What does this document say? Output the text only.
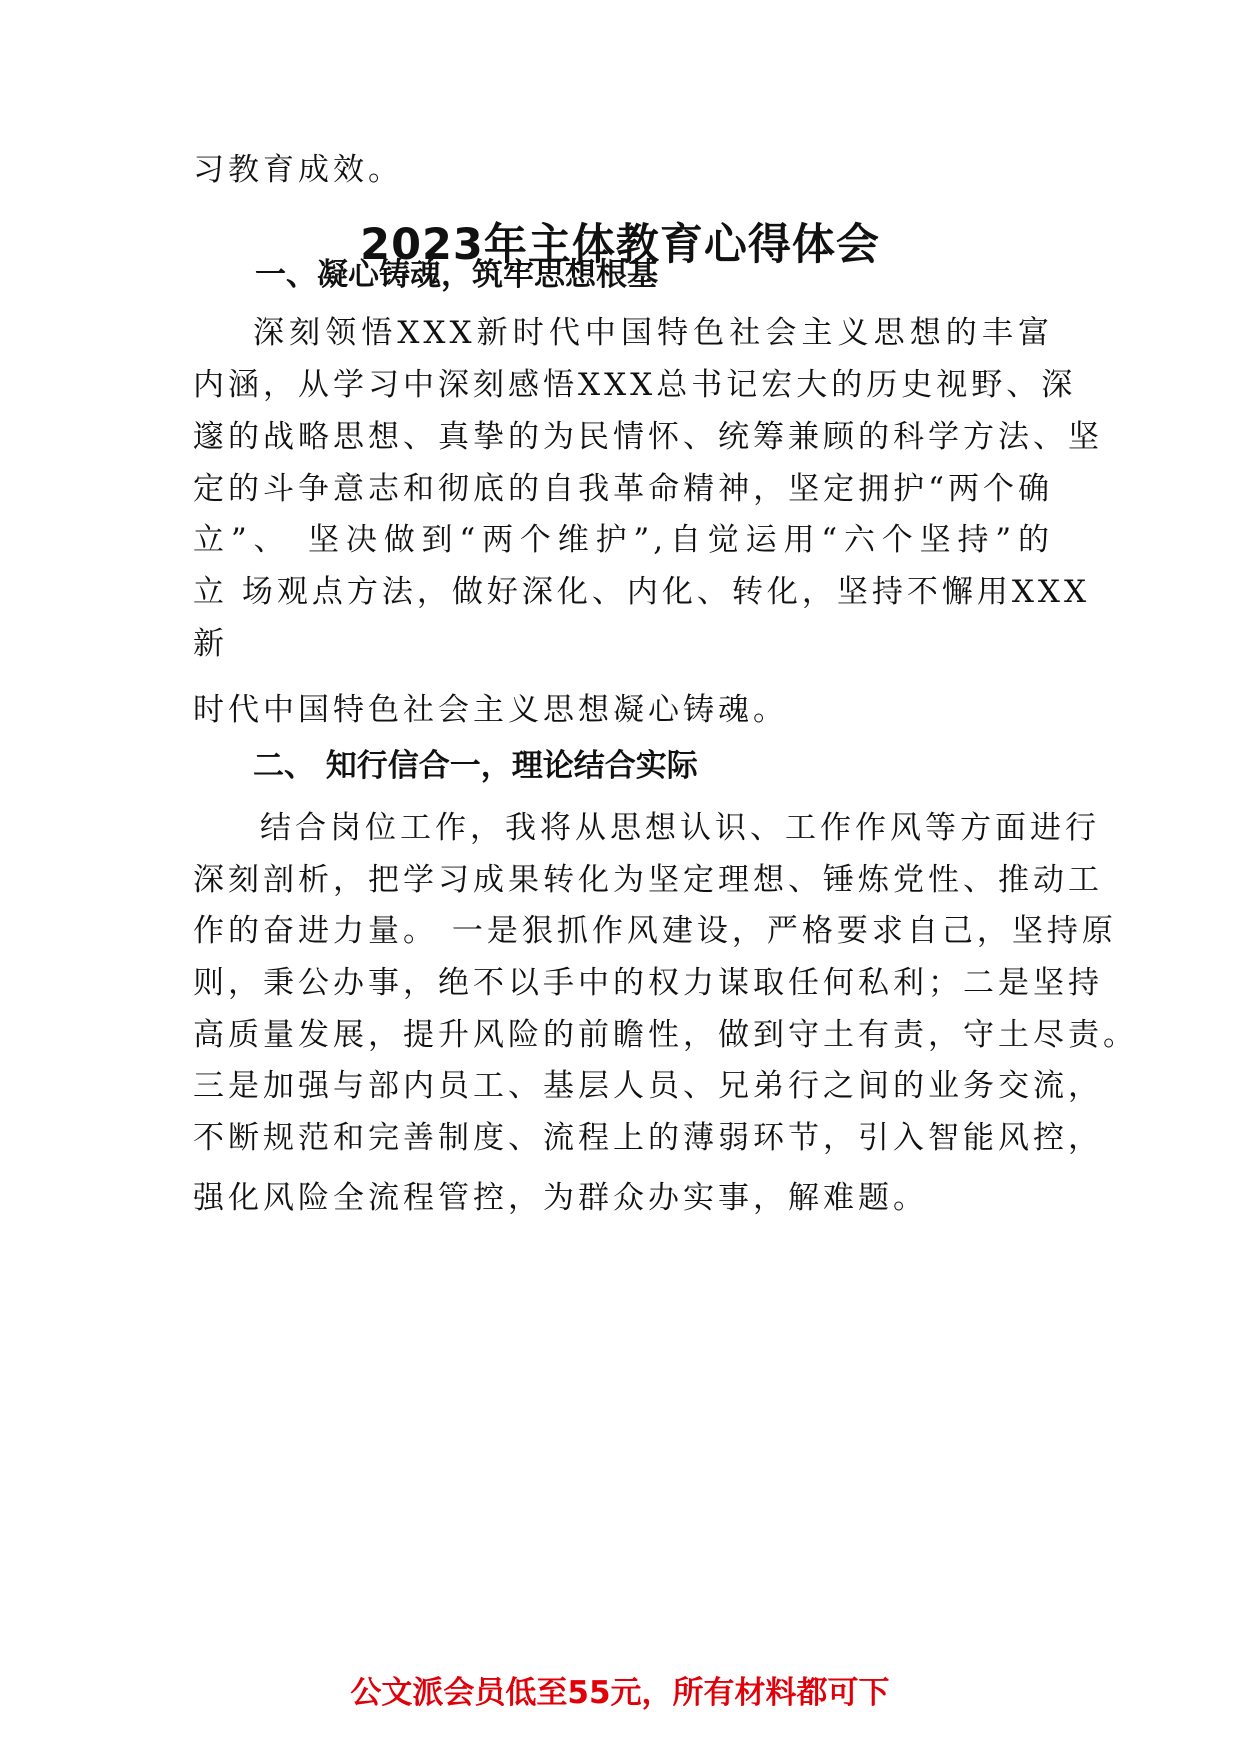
习教育成效。
2023年主体教育心得体会
一、凝心铸魂，筑牢思想根基
深刻领悟XXX新时代中国特色社会主义思想的丰富
内涵，从学习中深刻感悟XXX总书记宏大的历史视野、深
邃的战略思想、真挚的为民情怀、统筹兼顾的科学方法、坚
定的斗争意志和彻底的自我革命精神，坚定拥护“两个确
立”、 坚决做到“两个维护”,自觉运用“六个坚持”的
立 场观点方法，做好深化、内化、转化，坚持不懈用XXX
新
时代中国特色社会主义思想凝心铸魂。
二、 知行信合一，理论结合实际
结合岗位工作，我将从思想认识、工作作风等方面进行
深刻剖析，把学习成果转化为坚定理想、锤炼党性、推动工
作的奋进力量。 一是狠抓作风建设，严格要求自己，坚持原
则，秉公办事，绝不以手中的权力谋取任何私利；二是坚持
高质量发展，提升风险的前瞻性，做到守土有责，守土尽责。
三是加强与部内员工、基层人员、兄弟行之间的业务交流，
不断规范和完善制度、流程上的薄弱环节，引入智能风控，
强化风险全流程管控，为群众办实事，解难题。
公文派会员低至55元，所有材料都可下
